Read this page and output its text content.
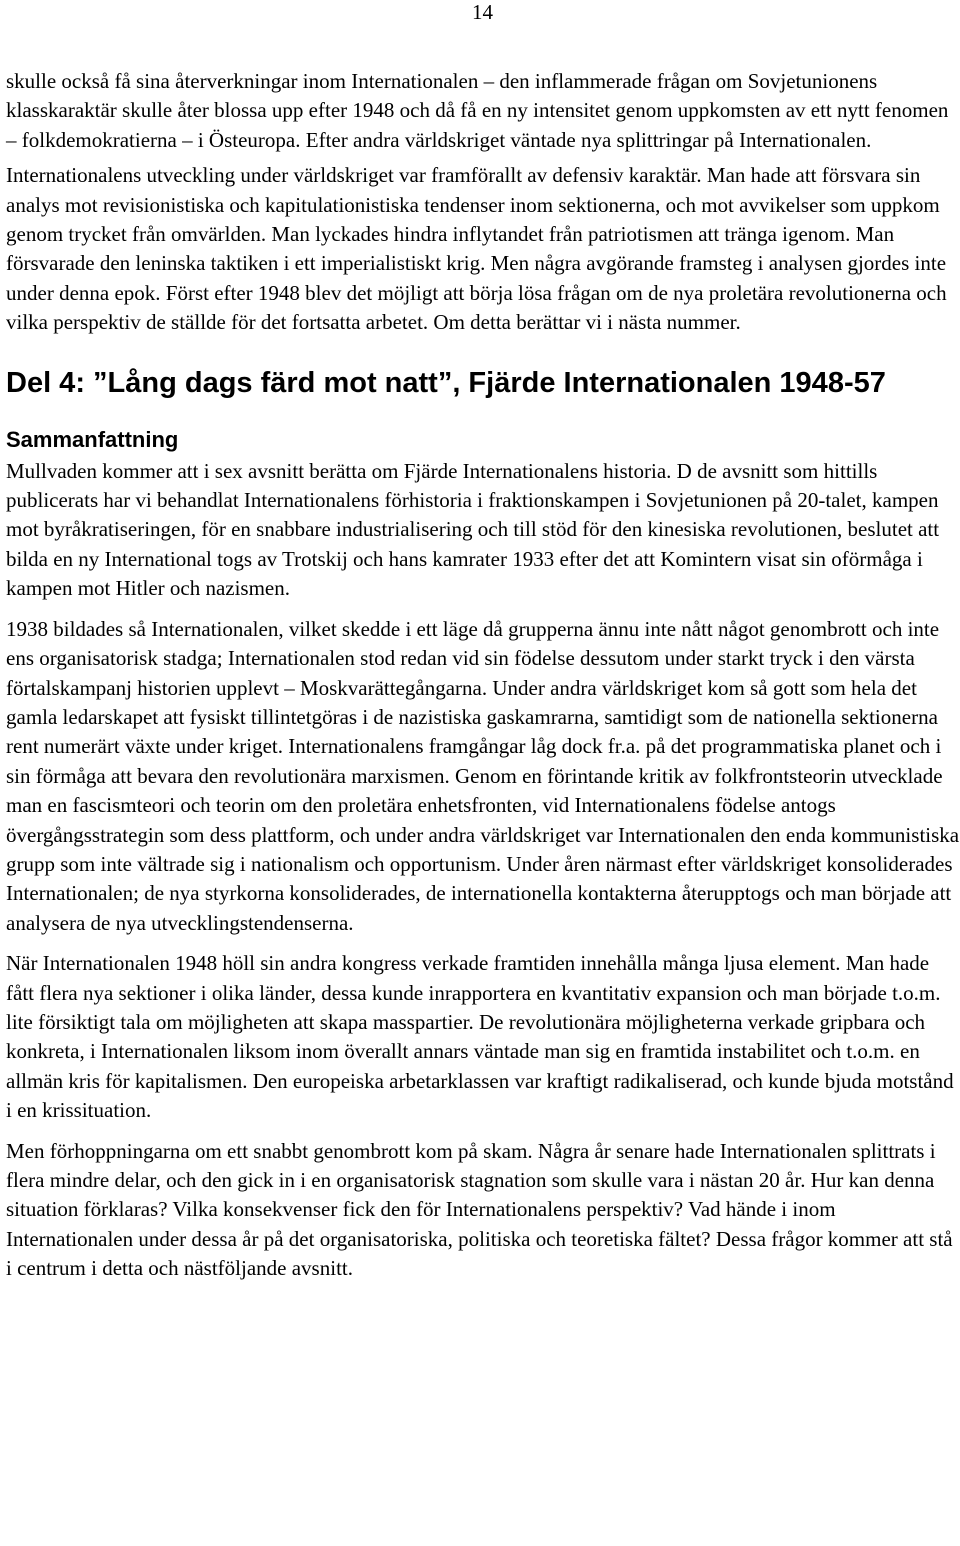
14

skulle också få sina återverkningar inom Internationalen – den inflammerade frågan om Sovjetunionens klasskaraktär skulle åter blossa upp efter 1948 och då få en ny intensitet genom uppkomsten av ett nytt fenomen – folkdemokratierna – i Östeuropa. Efter andra världskriget väntade nya splittringar på Internationalen.

Internationalens utveckling under världskriget var framförallt av defensiv karaktär. Man hade att försvara sin analys mot revisionistiska och kapitulationistiska tendenser inom sektionerna, och mot avvikelser som uppkom genom trycket från omvärlden. Man lyckades hindra inflytandet från patriotismen att tränga igenom. Man försvarade den leninska taktiken i ett imperialistiskt krig. Men några avgörande framsteg i analysen gjordes inte under denna epok. Först efter 1948 blev det möjligt att börja lösa frågan om de nya proletära revolutionerna och vilka perspektiv de ställde för det fortsatta arbetet. Om detta berättar vi i nästa nummer.

Del 4: ”Lång dags färd mot natt”, Fjärde Internationalen 1948-57
Sammanfattning

Mullvaden kommer att i sex avsnitt berätta om Fjärde Internationalens historia. D de avsnitt som hittills publicerats har vi behandlat Internationalens förhistoria i fraktionskampen i Sovjetunionen på 20-talet, kampen mot byråkratiseringen, för en snabbare industrialisering och till stöd för den kinesiska revolutionen, beslutet att bilda en ny International togs av Trotskij och hans kamrater 1933 efter det att Komintern visat sin oförmåga i kampen mot Hitler och nazismen.

1938 bildades så Internationalen, vilket skedde i ett läge då grupperna ännu inte nått något genombrott och inte ens organisatorisk stadga; Internationalen stod redan vid sin födelse dessutom under starkt tryck i den värsta förtalskampanj historien upplevt – Moskvarättegångarna. Under andra världskriget kom så gott som hela det gamla ledarskapet att fysiskt tillintetgöras i de nazistiska gaskamrarna, samtidigt som de nationella sektionerna rent numerärt växte under kriget. Internationalens framgångar låg dock fr.a. på det programmatiska planet och i sin förmåga att bevara den revolutionära marxismen. Genom en förintande kritik av folkfrontsteorin utvecklade man en fascismteori och teorin om den proletära enhetsfronten, vid Internationalens födelse antogs övergångsstrategin som dess plattform, och under andra världskriget var Internationalen den enda kommunistiska grupp som inte vältrade sig i nationalism och opportunism. Under åren närmast efter världskriget konsoliderades Internationalen; de nya styrkorna konsoliderades, de internationella kontakterna återupptogs och man började att analysera de nya utvecklingstendenserna.

När Internationalen 1948 höll sin andra kongress verkade framtiden innehålla många ljusa element. Man hade fått flera nya sektioner i olika länder, dessa kunde inrapportera en kvantitativ expansion och man började t.o.m. lite försiktigt tala om möjligheten att skapa masspartier. De revolutionära möjligheterna verkade gripbara och konkreta, i Internationalen liksom inom överallt annars väntade man sig en framtida instabilitet och t.o.m. en allmän kris för kapitalismen. Den europeiska arbetarklassen var kraftigt radikaliserad, och kunde bjuda motstånd i en krissituation.

Men förhoppningarna om ett snabbt genombrott kom på skam. Några år senare hade Internationalen splittrats i flera mindre delar, och den gick in i en organisatorisk stagnation som skulle vara i nästan 20 år. Hur kan denna situation förklaras? Vilka konsekvenser fick den för Internationalens perspektiv? Vad hände i inom Internationalen under dessa år på det organisatoriska, politiska och teoretiska fältet? Dessa frågor kommer att stå i centrum i detta och nästföljande avsnitt.
